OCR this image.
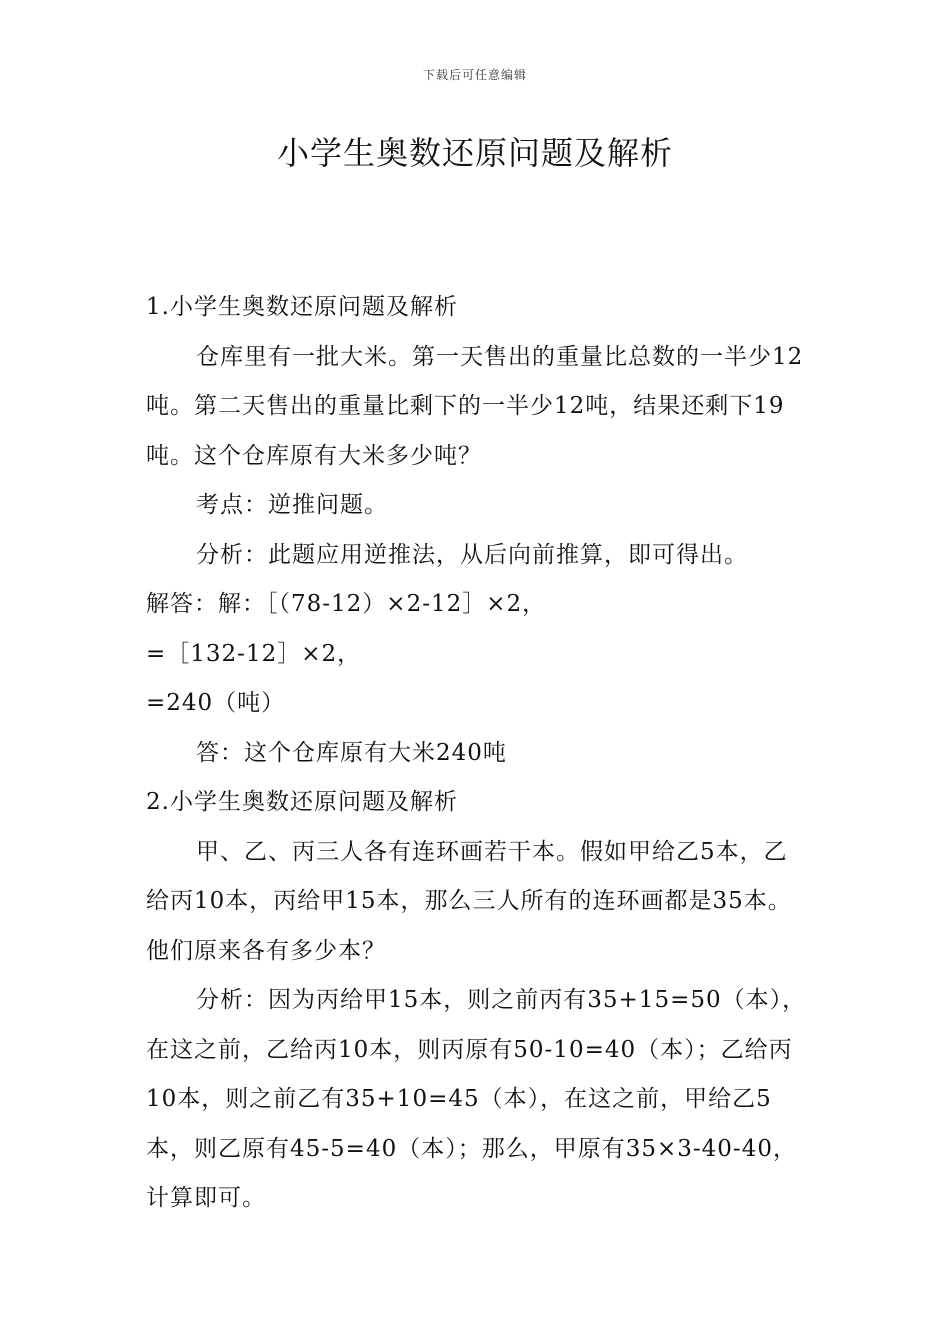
下载后可任意编辑
小学生奥数还原问题及解析

1.小学生奥数还原问题及解析

仓库里有一批大米。第一天售出的重量比总数的一半少12吨。第二天售出的重量比剩下的一半少12吨，结果还剩下19吨。这个仓库原有大米多少吨？

考点：逆推问题。

分析：此题应用逆推法，从后向前推算，即可得出。

解答：解：［（78-12）×2-12］×2，

=［132-12］×2，

=240（吨）

答：这个仓库原有大米240吨

2.小学生奥数还原问题及解析

甲、乙、丙三人各有连环画若干本。假如甲给乙5本，乙给丙10本，丙给甲15本，那么三人所有的连环画都是35本。他们原来各有多少本？

分析：因为丙给甲15本，则之前丙有35+15=50（本），在这之前，乙给丙10本，则丙原有50-10=40（本）；乙给丙10本，则之前乙有35+10=45（本），在这之前，甲给乙5本，则乙原有45-5=40（本）；那么，甲原有35×3-40-40，计算即可。
